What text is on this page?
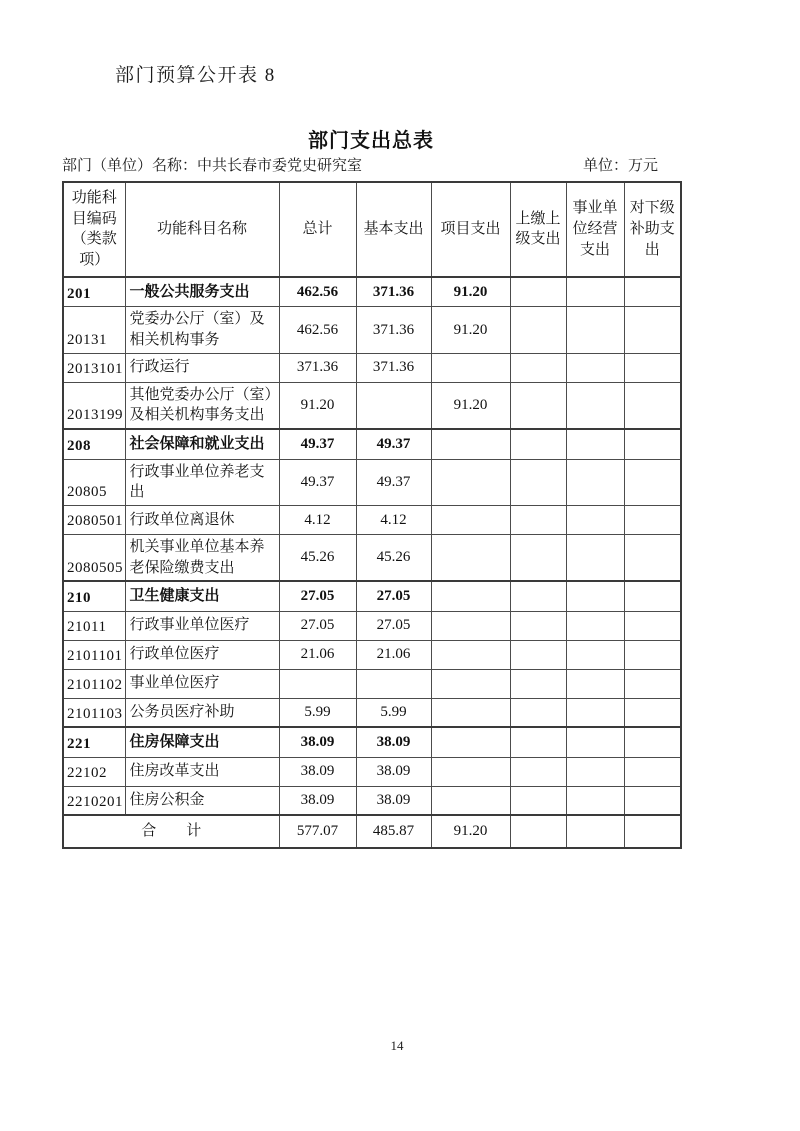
部门预算公开表 8
部门支出总表
部门（单位）名称：中共长春市委党史研究室	单位：万元
功能科目编码（类款项）	功能科目名称	总计	基本支出	项目支出	上缴上级支出	事业单位经营支出	对下级补助支出
201	一般公共服务支出	462.56	371.36	91.20			
20131	党委办公厅（室）及相关机构事务	462.56	371.36	91.20			
2013101	行政运行	371.36	371.36				
2013199	其他党委办公厅（室）及相关机构事务支出	91.20		91.20			
208	社会保障和就业支出	49.37	49.37				
20805	行政事业单位养老支出	49.37	49.37				
2080501	行政单位离退休	4.12	4.12				
2080505	机关事业单位基本养老保险缴费支出	45.26	45.26				
210	卫生健康支出	27.05	27.05				
21011	行政事业单位医疗	27.05	27.05				
2101101	行政单位医疗	21.06	21.06				
2101102	事业单位医疗						
2101103	公务员医疗补助	5.99	5.99				
221	住房保障支出	38.09	38.09				
22102	住房改革支出	38.09	38.09				
2210201	住房公积金	38.09	38.09				
合　　计		577.07	485.87	91.20			
14
